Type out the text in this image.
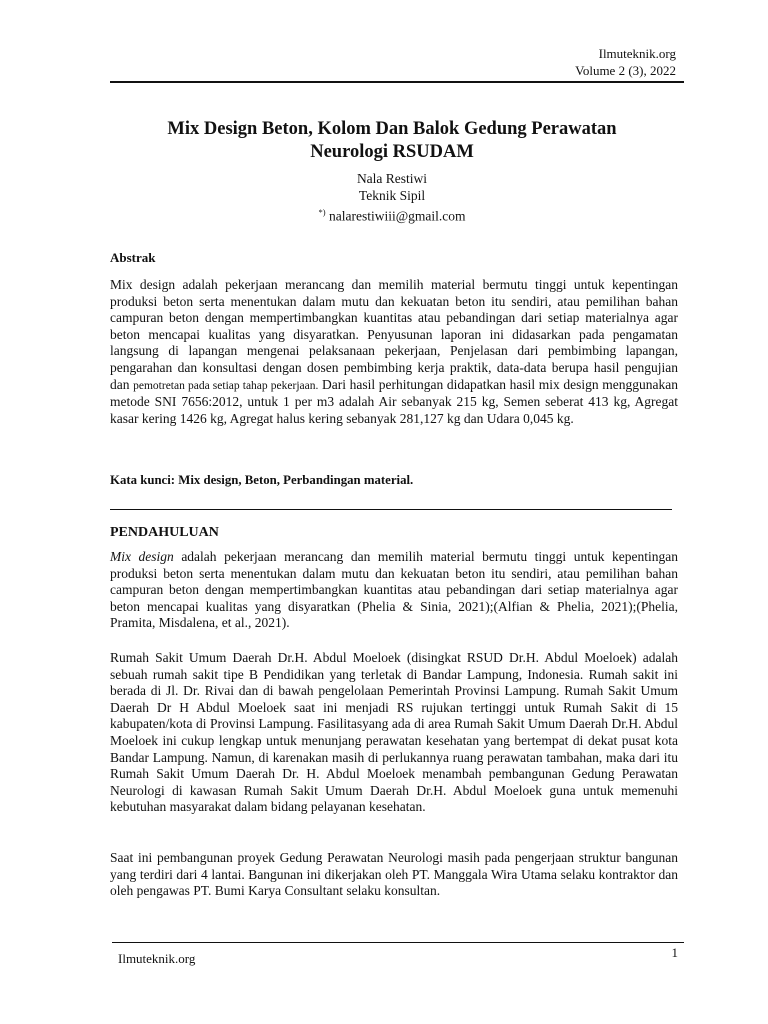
Ilmuteknik.org
Volume 2 (3), 2022
Mix Design Beton, Kolom Dan Balok Gedung Perawatan
Neurologi RSUDAM
Nala Restiwi
Teknik Sipil
*) nalarestiwiii@gmail.com
Abstrak

Mix design adalah pekerjaan merancang dan memilih material bermutu tinggi untuk kepentingan produksi beton serta menentukan dalam mutu dan kekuatan beton itu sendiri, atau pemilihan bahan campuran beton dengan mempertimbangkan kuantitas atau pebandingan dari setiap materialnya agar beton mencapai kualitas yang disyaratkan. Penyusunan laporan ini didasarkan pada pengamatan langsung di lapangan mengenai pelaksanaan pekerjaan, Penjelasan dari pembimbing lapangan, pengarahan dan konsultasi dengan dosen pembimbing kerja praktik, data-data berupa hasil pengujian dan pemotretan pada setiap tahap pekerjaan. Dari hasil perhitungan didapatkan hasil mix design menggunakan metode SNI 7656:2012, untuk 1 per m3 adalah Air sebanyak 215 kg, Semen seberat 413 kg, Agregat kasar kering 1426 kg, Agregat halus kering sebanyak 281,127 kg dan Udara 0,045 kg.

Kata kunci: Mix design, Beton, Perbandingan material.

PENDAHULUAN

Mix design adalah pekerjaan merancang dan memilih material bermutu tinggi untuk kepentingan produksi beton serta menentukan dalam mutu dan kekuatan beton itu sendiri, atau pemilihan bahan campuran beton dengan mempertimbangkan kuantitas atau pebandingan dari setiap materialnya agar beton mencapai kualitas yang disyaratkan (Phelia & Sinia, 2021);(Alfian & Phelia, 2021);(Phelia, Pramita, Misdalena, et al., 2021).

Rumah Sakit Umum Daerah Dr.H. Abdul Moeloek (disingkat RSUD Dr.H. Abdul Moeloek) adalah sebuah rumah sakit tipe B Pendidikan yang terletak di Bandar Lampung, Indonesia. Rumah sakit ini berada di Jl. Dr. Rivai dan di bawah pengelolaan Pemerintah Provinsi Lampung. Rumah Sakit Umum Daerah Dr H Abdul Moeloek saat ini menjadi RS rujukan tertinggi untuk Rumah Sakit di 15 kabupaten/kota di Provinsi Lampung. Fasilitasyang ada di area Rumah Sakit Umum Daerah Dr.H. Abdul Moeloek ini cukup lengkap untuk menunjang perawatan kesehatan yang bertempat di dekat pusat kota Bandar Lampung. Namun, di karenakan masih di perlukannya ruang perawatan tambahan, maka dari itu Rumah Sakit Umum Daerah Dr. H. Abdul Moeloek menambah pembangunan Gedung Perawatan Neurologi di kawasan Rumah Sakit Umum Daerah Dr.H. Abdul Moeloek guna untuk memenuhi kebutuhan masyarakat dalam bidang pelayanan kesehatan.

Saat ini pembangunan proyek Gedung Perawatan Neurologi masih pada pengerjaan struktur bangunan yang terdiri dari 4 lantai. Bangunan ini dikerjakan oleh PT. Manggala Wira Utama selaku kontraktor dan oleh pengawas PT. Bumi Karya Consultant selaku konsultan.

Ilmuteknik.org	1
